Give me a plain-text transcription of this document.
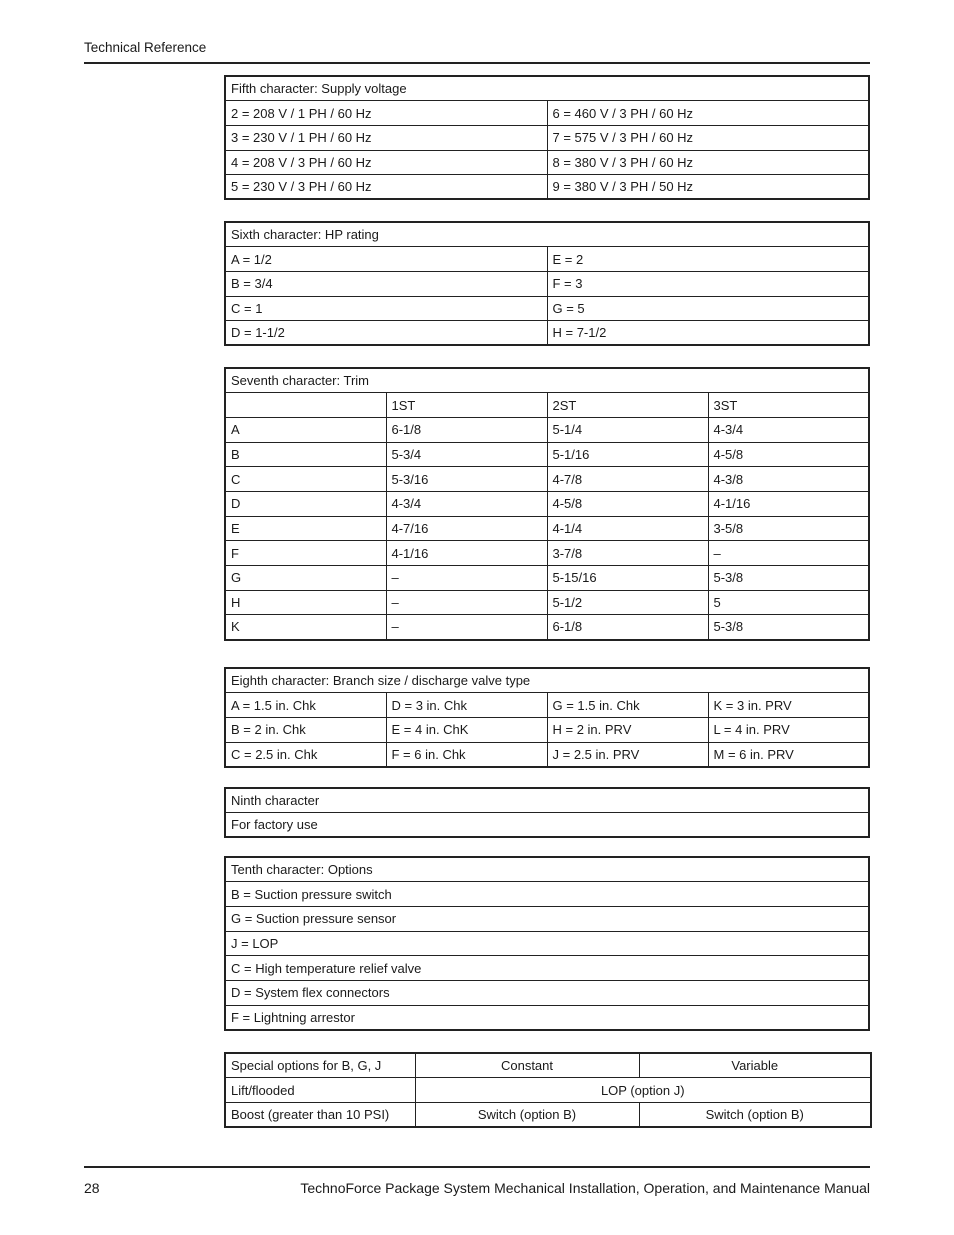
Technical Reference
Fifth character: Supply voltage	
2 = 208 V / 1 PH / 60 Hz	6 = 460 V / 3 PH / 60 Hz
3 = 230 V / 1 PH / 60 Hz	7 = 575 V / 3 PH / 60 Hz
4 = 208 V / 3 PH / 60 Hz	8 = 380 V / 3 PH / 60 Hz
5 = 230 V / 3 PH / 60 Hz	9 = 380 V / 3 PH / 50 Hz
Sixth character: HP rating	
A = 1/2	E = 2
B = 3/4	F = 3
C = 1	G = 5
D = 1-1/2	H = 7-1/2
Seventh character: Trim			
	1ST	2ST	3ST
A	6-1/8	5-1/4	4-3/4
B	5-3/4	5-1/16	4-5/8
C	5-3/16	4-7/8	4-3/8
D	4-3/4	4-5/8	4-1/16
E	4-7/16	4-1/4	3-5/8
F	4-1/16	3-7/8	–
G	–	5-15/16	5-3/8
H	–	5-1/2	5
K	–	6-1/8	5-3/8
Eighth character: Branch size / discharge valve type			
A = 1.5 in. Chk	D = 3 in. Chk	G = 1.5 in. Chk	K = 3 in. PRV
B = 2 in. Chk	E = 4 in. ChK	H = 2 in. PRV	L = 4 in. PRV
C = 2.5 in. Chk	F = 6 in. Chk	J = 2.5 in. PRV	M = 6 in. PRV
Ninth character
For factory use
Tenth character: Options
B = Suction pressure switch
G = Suction pressure sensor
J = LOP
C = High temperature relief valve
D = System flex connectors
F = Lightning arrestor
Special options for B, G, J	Constant	Variable
Lift/flooded	LOP (option J)	
Boost (greater than 10 PSI)	Switch (option B)	Switch (option B)
28	TechnoForce Package System Mechanical Installation, Operation, and Maintenance Manual
